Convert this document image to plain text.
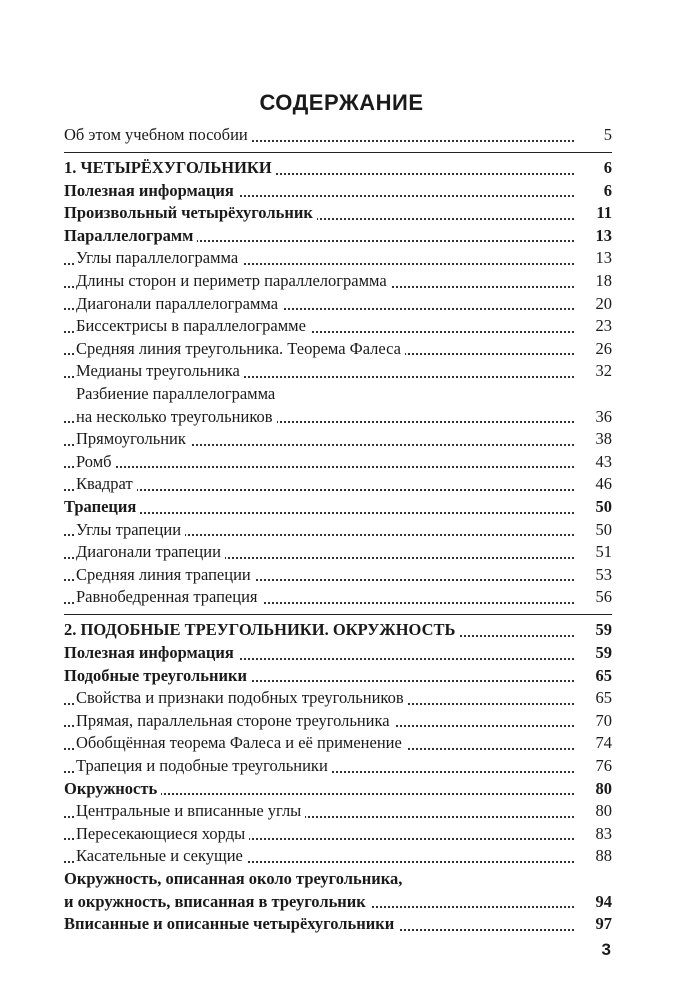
СОДЕРЖАНИЕ
Об этом учебном пособии	5
1. ЧЕТЫРЁХУГОЛЬНИКИ	6
Полезная информация	6
Произвольный четырёхугольник	11
Параллелограмм	13
Углы параллелограмма	13
Длины сторон и периметр параллелограмма	18
Диагонали параллелограмма	20
Биссектрисы в параллелограмме	23
Средняя линия треугольника. Теорема Фалеса	26
Медианы треугольника	32
Разбиение параллелограмма
на несколько треугольников	36
Прямоугольник	38
Ромб	43
Квадрат	46
Трапеция	50
Углы трапеции	50
Диагонали трапеции	51
Средняя линия трапеции	53
Равнобедренная трапеция	56
2. ПОДОБНЫЕ ТРЕУГОЛЬНИКИ. ОКРУЖНОСТЬ	59
Полезная информация	59
Подобные треугольники	65
Свойства и признаки подобных треугольников	65
Прямая, параллельная стороне треугольника	70
Обобщённая теорема Фалеса и её применение	74
Трапеция и подобные треугольники	76
Окружность	80
Центральные и вписанные углы	80
Пересекающиеся хорды	83
Касательные и секущие	88
Окружность, описанная около треугольника,
и окружность, вписанная в треугольник	94
Вписанные и описанные четырёхугольники	97
3
